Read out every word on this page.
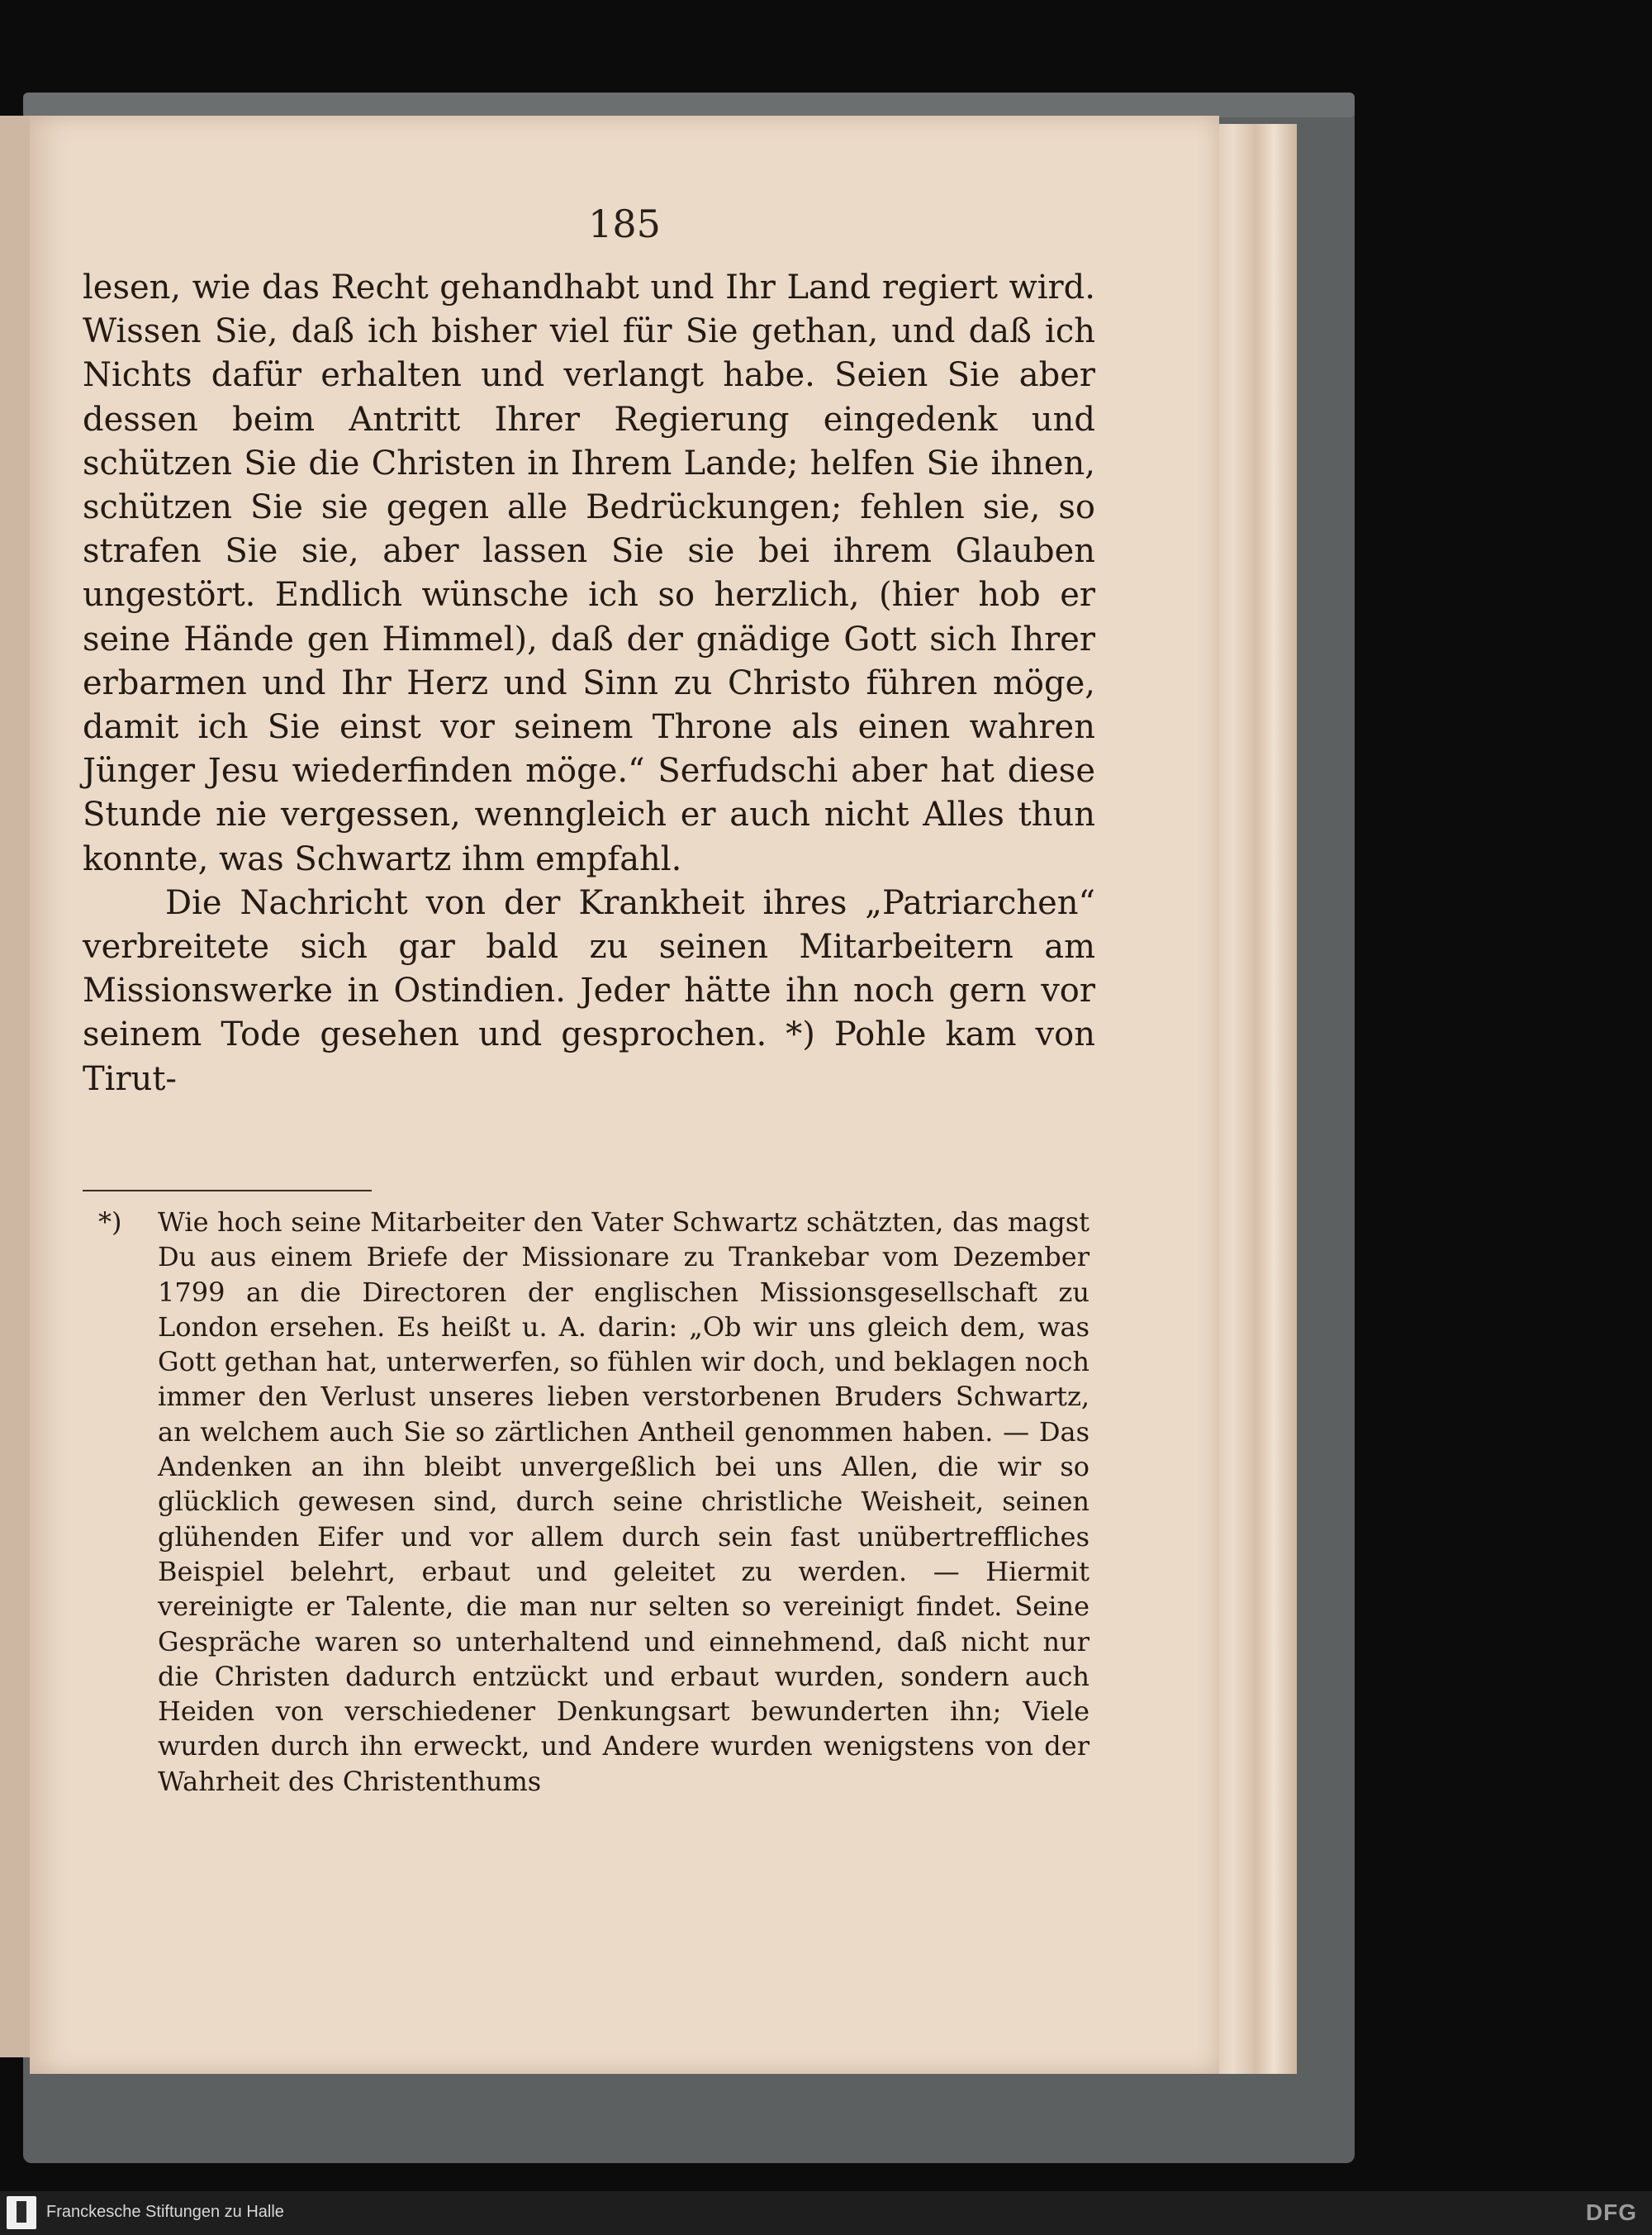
185

lesen, wie das Recht gehandhabt und Ihr Land regiert wird. Wissen Sie, daß ich bisher viel für Sie gethan, und daß ich Nichts dafür erhalten und verlangt habe. Seien Sie aber dessen beim Antritt Ihrer Regierung eingedenk und schützen Sie die Christen in Ihrem Lande; helfen Sie ihnen, schützen Sie sie gegen alle Bedrückungen; fehlen sie, so strafen Sie sie, aber lassen Sie sie bei ihrem Glauben ungestört. Endlich wünsche ich so herzlich, (hier hob er seine Hände gen Himmel), daß der gnädige Gott sich Ihrer erbarmen und Ihr Herz und Sinn zu Christo führen möge, damit ich Sie einst vor seinem Throne als einen wahren Jünger Jesu wiederfinden möge.“ Serfudschi aber hat diese Stunde nie vergessen, wenngleich er auch nicht Alles thun konnte, was Schwartz ihm empfahl.

Die Nachricht von der Krankheit ihres „Patriarchen“ verbreitete sich gar bald zu seinen Mitarbeitern am Missionswerke in Ostindien. Jeder hätte ihn noch gern vor seinem Tode gesehen und gesprochen. *) Pohle kam von Tirut-

*) Wie hoch seine Mitarbeiter den Vater Schwartz schätzten, das magst Du aus einem Briefe der Missionare zu Trankebar vom Dezember 1799 an die Directoren der englischen Missionsgesellschaft zu London ersehen. Es heißt u. A. darin: „Ob wir uns gleich dem, was Gott gethan hat, unterwerfen, so fühlen wir doch, und beklagen noch immer den Verlust unseres lieben verstorbenen Bruders Schwartz, an welchem auch Sie so zärtlichen Antheil genommen haben. — Das Andenken an ihn bleibt unvergeßlich bei uns Allen, die wir so glücklich gewesen sind, durch seine christliche Weisheit, seinen glühenden Eifer und vor allem durch sein fast unübertreffliches Beispiel belehrt, erbaut und geleitet zu werden. — Hiermit vereinigte er Talente, die man nur selten so vereinigt findet. Seine Gespräche waren so unterhaltend und einnehmend, daß nicht nur die Christen dadurch entzückt und erbaut wurden, sondern auch Heiden von verschiedener Denkungsart bewunderten ihn; Viele wurden durch ihn erweckt, und Andere wurden wenigstens von der Wahrheit des Christenthums

Franckesche Stiftungen zu Halle	DFG
